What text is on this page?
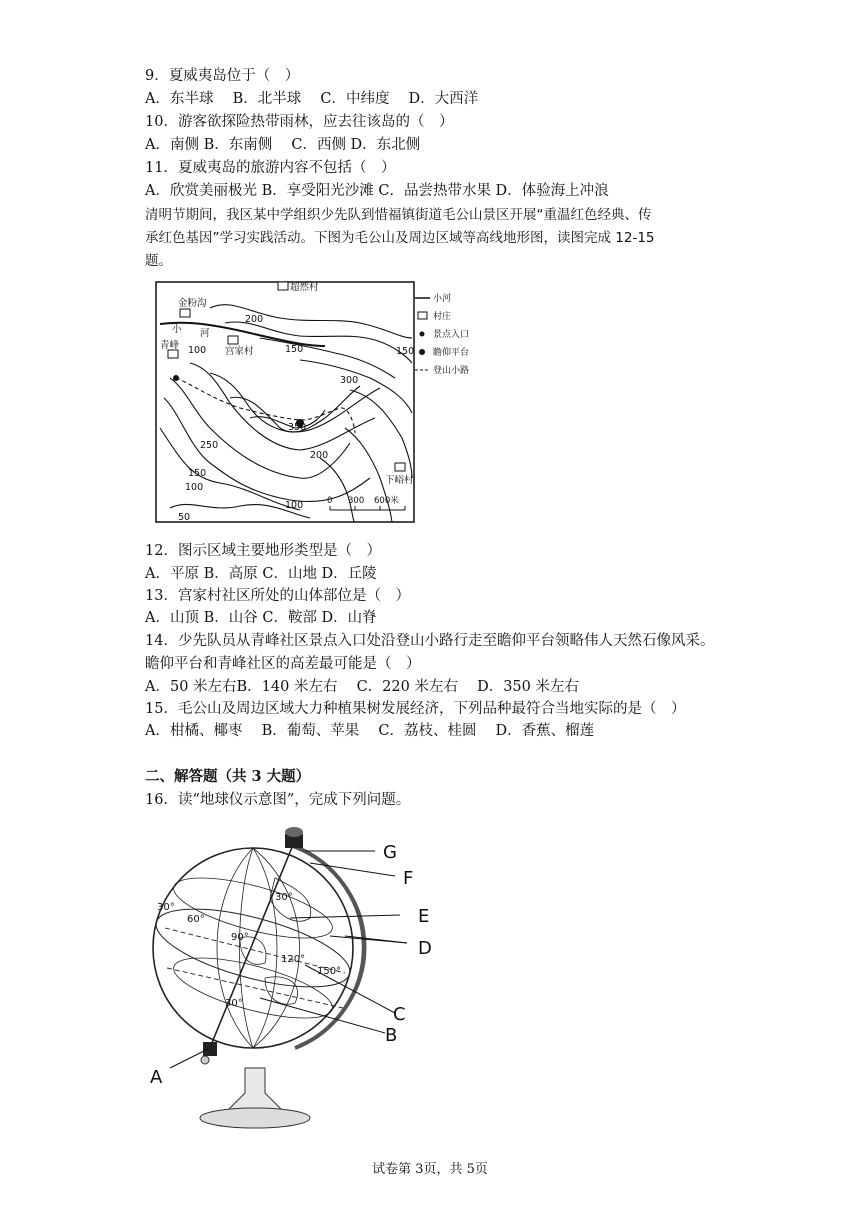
9．夏威夷岛位于（　）
A．东半球　 B．北半球　 C．中纬度　 D．大西洋
10．游客欲探险热带雨林，应去往该岛的（　）
A．南侧 B．东南侧　 C．西侧 D．东北侧
11．夏威夷岛的旅游内容不包括（　）
A．欣赏美丽极光 B．享受阳光沙滩 C．品尝热带水果 D．体验海上冲浪
清明节期间，我区某中学组织少先队到惜福镇街道毛公山景区开展“重温红色经典、传
承红色基因”学习实践活动。下图为毛公山及周边区域等高线地形图，读图完成 12-15
题。
金粉沟
超然村
宫家村
青峰
下峪村
小 河
200
100	150	150
300
250
200
150
100
100
50
350
小河
村庄
景点入口
瞻仰平台
登山小路
0 300 600米
12．图示区域主要地形类型是（　）
A．平原 B．高原 C．山地 D．丘陵
13．宫家村社区所处的山体部位是（　）
A．山顶 B．山谷 C．鞍部 D．山脊
14．少先队员从青峰社区景点入口处沿登山小路行走至瞻仰平台领略伟人天然石像风采。
瞻仰平台和青峰社区的高差最可能是（　）
A．50 米左右B．140 米左右　 C．220 米左右　 D．350 米左右
15．毛公山及周边区域大力种植果树发展经济，下列品种最符合当地实际的是（　）
A．柑橘、椰枣　 B．葡萄、苹果　 C．荔枝、桂圆　 D．香蕉、榴莲
二、解答题（共 3 大题）
16．读“地球仪示意图”，完成下列问题。
G
F
E
D
C
B
A
30°
30°
60°
90°
120°
150°
30°
试卷第 3页，共 5页
